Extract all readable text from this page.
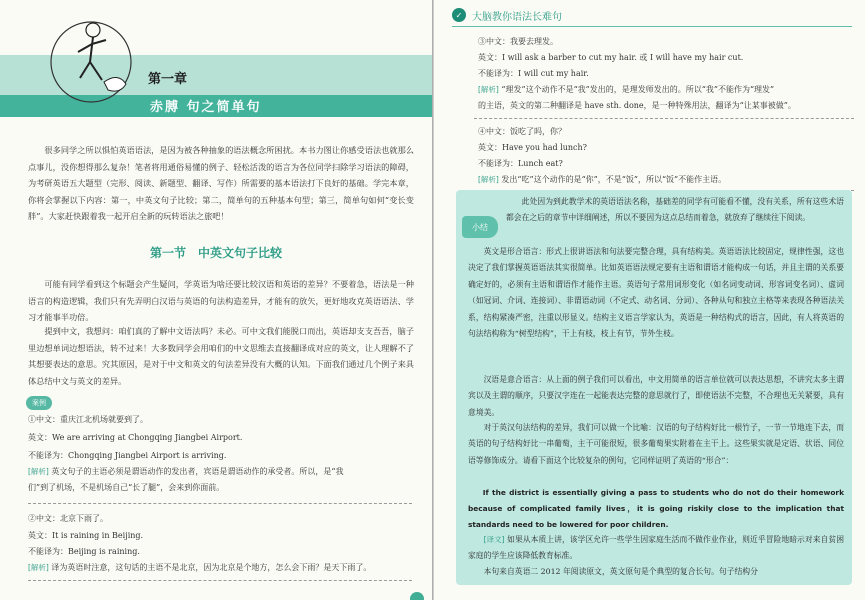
第一章
赤膊 句之简单句
很多同学之所以惧怕英语语法，是因为被各种抽象的语法概念所困扰。本书力图让你感受语法也就那么点事儿，没你想得那么复杂！笔者将用通俗易懂的例子、轻松活泼的语言为各位同学扫除学习语法的障碍，为考研英语五大题型（完形、阅读、新题型、翻译、写作）所需要的基本语法打下良好的基础。学完本章，你将会掌握以下内容：第一，中英文句子比较；第二，简单句的五种基本句型；第三，简单句如何“变长变胖”。大家赶快跟着我一起开启全新的玩转语法之旅吧！
第一节　中英文句子比较
可能有同学看到这个标题会产生疑问，学英语为啥还要比较汉语和英语的差异？不要着急，语法是一种语言的构造逻辑，我们只有先弄明白汉语与英语的句法构造差异，才能有的放矢，更好地攻克英语语法、学习才能事半功倍。
提到中文，我想问：咱们真的了解中文语法吗？未必。可中文我们能脱口而出，英语却支支吾吾，脑子里边想单词边想语法，转不过来！大多数同学会用咱们的中文思维去直接翻译成对应的英文，让人理解不了其想要表达的意思。究其原因，是对于中文和英文的句法差异没有大概的认知。下面我们通过几个例子来具体总结中文与英文的差异。
案例
①中文：重庆江北机场就要到了。
英文：We are arriving at Chongqing Jiangbei Airport.
不能译为：Chongqing Jiangbei Airport is arriving.
[解析] 英文句子的主语必须是谓语动作的发出者，宾语是谓语动作的承受者。所以，是“我
们”到了机场，不是机场自己“长了腿”，会来到你面前。
②中文：北京下雨了。
英文：It is raining in Beijing.
不能译为：Beijing is raining.
[解析] 译为英语时注意，这句话的主语不是北京，因为北京是个地方，怎么会下雨？是天下雨了。
✓ 大脑教你语法长难句
③中文：我要去理发。
英文：I will ask a barber to cut my hair. 或 I will have my hair cut.
不能译为：I will cut my hair.
[解析] “理发”这个动作不是“我”发出的，是理发师发出的。所以“我”不能作为“理发”
的主语，英文的第二种翻译是 have sth. done，是一种特殊用法，翻译为“让某事被做”。
④中文：饭吃了吗，你？
英文：Have you had lunch?
不能译为：Lunch eat?
[解析] 发出“吃”这个动作的是“你”，不是“饭”，所以“饭”不能作主语。
小结
此处因为到此教学术的英语语法名称，基础差的同学有可能看不懂，没有关系，所有这些术语都会在之后的章节中详细阐述，所以不要因为这点总结而着急，就放弃了继续往下阅读。
英文是形合语言：形式上很讲语法和句法要完整合理，具有结构美。英语语法比较固定，规律性强，这也决定了我们掌握英语语法其实很简单。比如英语语法规定要有主语和谓语才能构成一句话，并且主谓的关系要确定好的，必须有主语和谓语作才能作主语。英语句子常用词形变化（如名词变动词、形容词变名词）、虚词（如冠词、介词、连接词）、非谓语动词（不定式、动名词、分词）、各种从句和独立主格等来表现各种语法关系，结构紧凑严密，注重以形显义。结构主义语言学家认为，英语是一种结构式的语言，因此，有人将英语的句法结构称为“树型结构”，干上有枝，枝上有节，节外生枝。
汉语是意合语言：从上面的例子我们可以看出，中文用简单的语言单位就可以表达思想，不讲究太多主谓宾以及主谓的顺序，只要汉字连在一起能表达完整的意思就行了，即使语法不完整，不合理也无关紧要，具有意境美。
对于英汉句法结构的差异，我们可以做一个比喻：汉语的句子结构好比一根竹子，一节一节地连下去，而英语的句子结构好比一串葡萄，主干可能很短，很多葡萄果实附着在主干上。这些果实就是定语、状语、同位语等修饰成分。请看下面这个比较复杂的例句，它同样证明了英语的“形合”：
If the district is essentially giving a pass to students who do not do their homework because of complicated family lives，it is going riskily close to the implication that standards need to be lowered for poor children.
[译文] 如果从本质上讲，该学区允许一些学生因家庭生活而不做作业作业，则近乎冒险地暗示对来自贫困家庭的学生应该降低教育标准。
本句来自英语二 2012 年阅读原文，英文原句是个典型的复合长句。句子结构分
